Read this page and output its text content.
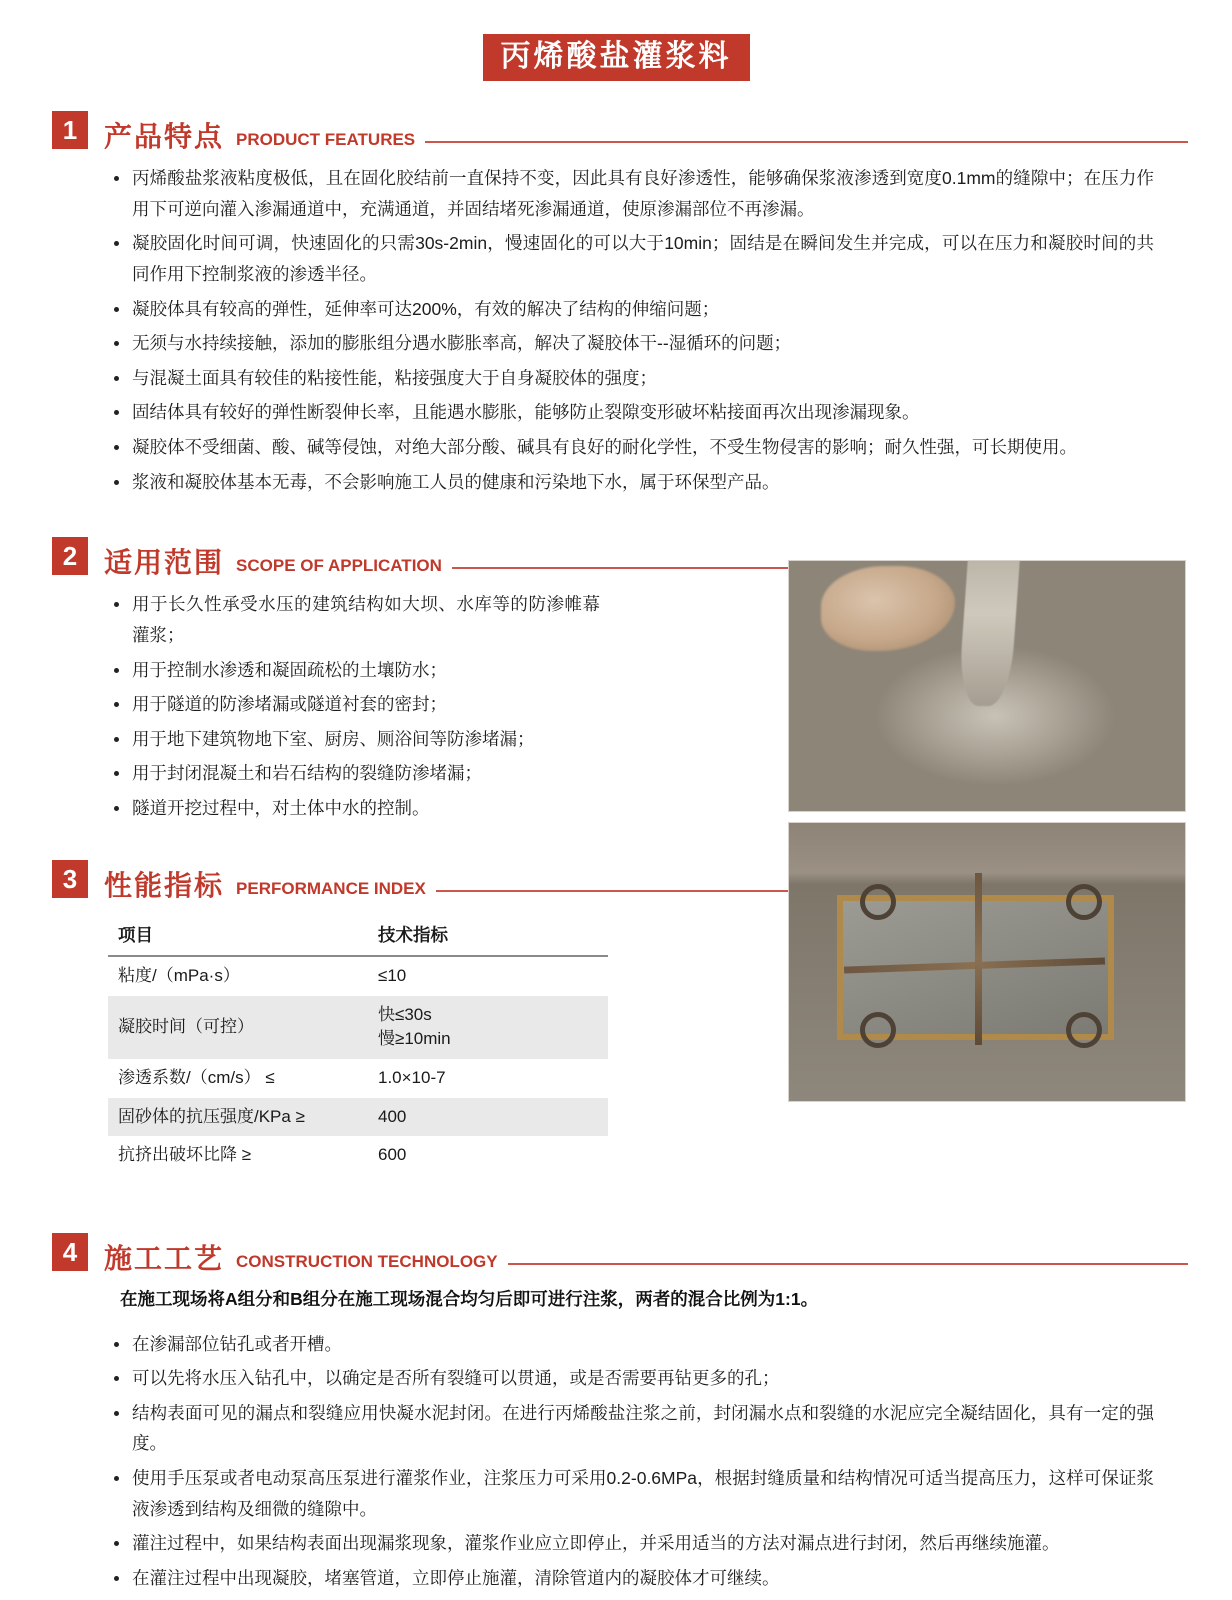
丙烯酸盐灌浆料
1 产品特点 PRODUCT FEATURES
丙烯酸盐浆液粘度极低，且在固化胶结前一直保持不变，因此具有良好渗透性，能够确保浆液渗透到宽度0.1mm的缝隙中；在压力作用下可逆向灌入渗漏通道中，充满通道，并固结堵死渗漏通道，使原渗漏部位不再渗漏。
凝胶固化时间可调，快速固化的只需30s-2min，慢速固化的可以大于10min；固结是在瞬间发生并完成，可以在压力和凝胶时间的共同作用下控制浆液的渗透半径。
凝胶体具有较高的弹性，延伸率可达200%，有效的解决了结构的伸缩问题；
无须与水持续接触，添加的膨胀组分遇水膨胀率高，解决了凝胶体干--湿循环的问题；
与混凝土面具有较佳的粘接性能，粘接强度大于自身凝胶体的强度；
固结体具有较好的弹性断裂伸长率，且能遇水膨胀，能够防止裂隙变形破坏粘接面再次出现渗漏现象。
凝胶体不受细菌、酸、碱等侵蚀，对绝大部分酸、碱具有良好的耐化学性，不受生物侵害的影响；耐久性强，可长期使用。
浆液和凝胶体基本无毒，不会影响施工人员的健康和污染地下水，属于环保型产品。
2 适用范围 SCOPE OF APPLICATION
用于长久性承受水压的建筑结构如大坝、水库等的防渗帷幕灌浆；
用于控制水渗透和凝固疏松的土壤防水；
用于隧道的防渗堵漏或隧道衬套的密封；
用于地下建筑物地下室、厨房、厕浴间等防渗堵漏；
用于封闭混凝土和岩石结构的裂缝防渗堵漏；
隧道开挖过程中，对土体中水的控制。
3 性能指标 PERFORMANCE INDEX
项目	技术指标
粘度/（mPa·s）	≤10
凝胶时间（可控）	快≤30s
慢≥10min

渗透系数/（cm/s） ≤	1.0×10-7
固砂体的抗压强度/KPa ≥	400
抗挤出破坏比降 ≥	600
4 施工工艺 CONSTRUCTION TECHNOLOGY

在施工现场将A组分和B组分在施工现场混合均匀后即可进行注浆，两者的混合比例为1:1。

在渗漏部位钻孔或者开槽。
可以先将水压入钻孔中，以确定是否所有裂缝可以贯通，或是否需要再钻更多的孔；
结构表面可见的漏点和裂缝应用快凝水泥封闭。在进行丙烯酸盐注浆之前，封闭漏水点和裂缝的水泥应完全凝结固化，具有一定的强度。
使用手压泵或者电动泵高压泵进行灌浆作业，注浆压力可采用0.2-0.6MPa，根据封缝质量和结构情况可适当提高压力，这样可保证浆液渗透到结构及细微的缝隙中。
灌注过程中，如果结构表面出现漏浆现象，灌浆作业应立即停止，并采用适当的方法对漏点进行封闭，然后再继续施灌。
在灌注过程中出现凝胶，堵塞管道，立即停止施灌，清除管道内的凝胶体才可继续。
